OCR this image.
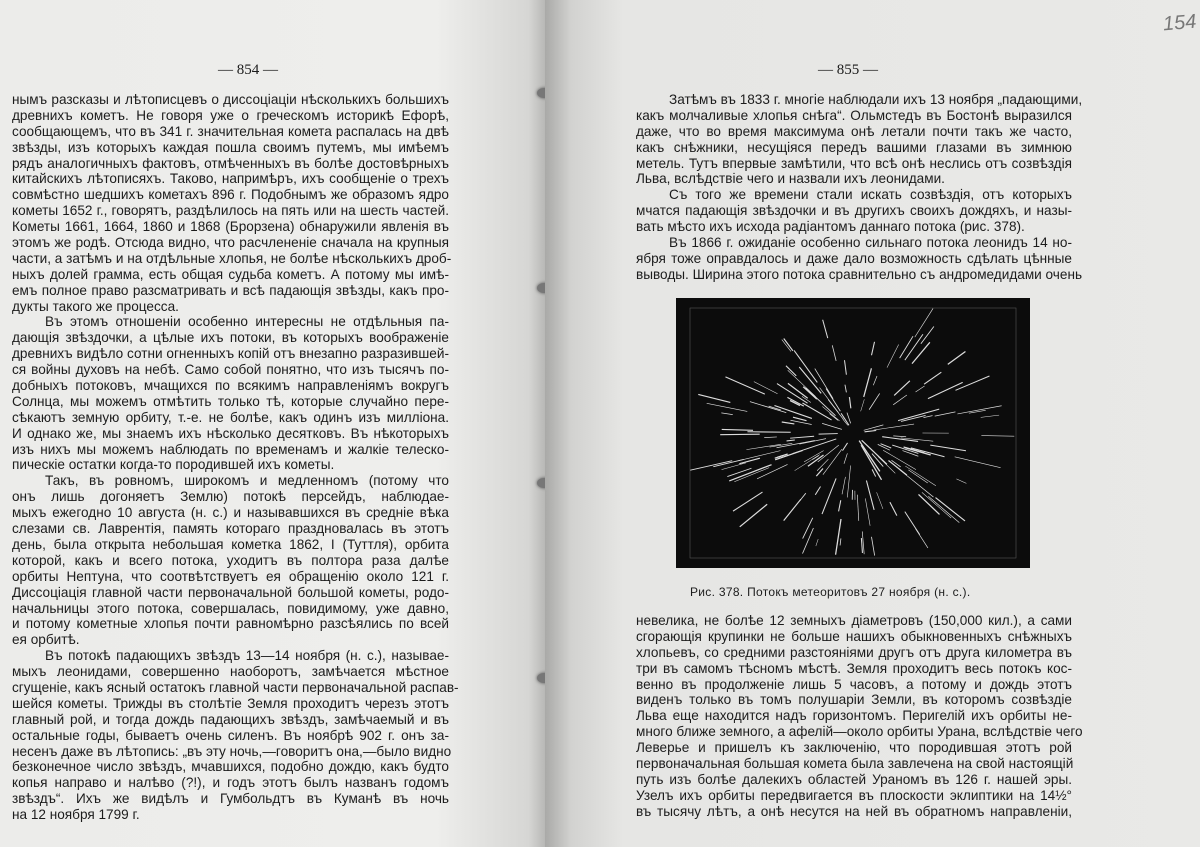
— 854 —
нымъ разсказы и лѣтописцевъ о диссоціаціи нѣсколькихъ большихъ
древнихъ кометъ. Не говоря уже о греческомъ историкѣ Ефорѣ,
сообщающемъ, что въ 341 г. значительная комета распалась на двѣ
звѣзды, изъ которыхъ каждая пошла своимъ путемъ, мы имѣемъ
рядъ аналогичныхъ фактовъ, отмѣченныхъ въ болѣе достовѣрныхъ
китайскихъ лѣтописяхъ. Таково, напримѣръ, ихъ сообщеніе о трехъ
совмѣстно шедшихъ кометахъ 896 г. Подобнымъ же образомъ ядро
кометы 1652 г., говорятъ, раздѣлилось на пять или на шесть частей.
Кометы 1661, 1664, 1860 и 1868 (Брорзена) обнаружили явленія въ
этомъ же родѣ. Отсюда видно, что расчлененіе сначала на крупныя
части, а затѣмъ и на отдѣльные хлопья, не болѣе нѣсколькихъ дроб-
ныхъ долей грамма, есть общая судьба кометъ. А потому мы имѣ-
емъ полное право разсматривать и всѣ падающія звѣзды, какъ про-
дукты такого же процесса.
Въ этомъ отношеніи особенно интересны не отдѣльныя па-
дающія звѣздочки, а цѣлые ихъ потоки, въ которыхъ воображеніе
древнихъ видѣло сотни огненныхъ копій отъ внезапно разразившей-
ся войны духовъ на небѣ. Само собой понятно, что изъ тысячъ по-
добныхъ потоковъ, мчащихся по всякимъ направленіямъ вокругъ
Солнца, мы можемъ отмѣтить только тѣ, которые случайно пере-
сѣкаютъ земную орбиту, т.-е. не болѣе, какъ одинъ изъ милліона.
И однако же, мы знаемъ ихъ нѣсколько десятковъ. Въ нѣкоторыхъ
изъ нихъ мы можемъ наблюдать по временамъ и жалкіе телеско-
пическіе остатки когда-то породившей ихъ кометы.
Такъ, въ ровномъ, широкомъ и медленномъ (потому что
онъ лишь догоняетъ Землю) потокѣ персейдъ, наблюдае-
мыхъ ежегодно 10 августа (н. с.) и называвшихся въ средніе вѣка
слезами св. Лаврентія, память котораго праздновалась въ этотъ
день, была открыта небольшая кометка 1862, I (Туттля), орбита
которой, какъ и всего потока, уходитъ въ полтора раза далѣе
орбиты Нептуна, что соотвѣтствуетъ ея обращенію около 121 г.
Диссоціація главной части первоначальной большой кометы, родо-
начальницы этого потока, совершалась, повидимому, уже давно,
и потому кометные хлопья почти равномѣрно разсѣялись по всей
ея орбитѣ.
Въ потокѣ падающихъ звѣздъ 13—14 ноября (н. с.), называе-
мыхъ леонидами, совершенно наоборотъ, замѣчается мѣстное
сгущеніе, какъ ясный остатокъ главной части первоначальной распав-
шейся кометы. Трижды въ столѣтіе Земля проходитъ черезъ этотъ
главный рой, и тогда дождь падающихъ звѣздъ, замѣчаемый и въ
остальные годы, бываетъ очень силенъ. Въ ноябрѣ 902 г. онъ за-
несенъ даже въ лѣтопись: „въ эту ночь,—говоритъ она,—было видно
безконечное число звѣздъ, мчавшихся, подобно дождю, какъ будто
копья направо и налѣво (?!), и годъ этотъ былъ названъ годомъ
звѣздъ“. Ихъ же видѣлъ и Гумбольдтъ въ Куманѣ въ ночь
на 12 ноября 1799 г.
— 855 —
154
Затѣмъ въ 1833 г. многіе наблюдали ихъ 13 ноября „падающими,
какъ молчаливые хлопья снѣга“. Ольмстедъ въ Бостонѣ выразился
даже, что во время максимума онѣ летали почти такъ же часто,
какъ снѣжники, несущіяся передъ вашими глазами въ зимнюю
метель. Тутъ впервые замѣтили, что всѣ онѣ неслись отъ созвѣздія
Льва, вслѣдствіе чего и назвали ихъ леонидами.
Съ того же времени стали искать созвѣздія, отъ которыхъ
мчатся падающія звѣздочки и въ другихъ своихъ дождяхъ, и назы-
вать мѣсто ихъ исхода радіантомъ даннаго потока (рис. 378).
Въ 1866 г. ожиданіе особенно сильнаго потока леонидъ 14 но-
ября тоже оправдалось и даже дало возможность сдѣлать цѣнные
выводы. Ширина этого потока сравнительно съ андромедидами очень
Рис. 378. Потокъ метеоритовъ 27 ноября (н. с.).
невелика, не болѣе 12 земныхъ діаметровъ (150,000 кил.), а сами
сгорающія крупинки не больше нашихъ обыкновенныхъ снѣжныхъ
хлопьевъ, со средними разстояніями другъ отъ друга километра въ
три въ самомъ тѣсномъ мѣстѣ. Земля проходитъ весь потокъ кос-
венно въ продолженіе лишь 5 часовъ, а потому и дождь этотъ
виденъ только въ томъ полушаріи Земли, въ которомъ созвѣздіе
Льва еще находится надъ горизонтомъ. Перигелій ихъ орбиты не-
много ближе земного, а афелій—около орбиты Урана, вслѣдствіе чего
Леверье и пришелъ къ заключенію, что породившая этотъ рой
первоначальная большая комета была завлечена на свой настоящій
путь изъ болѣе далекихъ областей Ураномъ въ 126 г. нашей эры.
Узелъ ихъ орбиты передвигается въ плоскости эклиптики на 14½°
въ тысячу лѣтъ, а онѣ несутся на ней въ обратномъ направленіи,
